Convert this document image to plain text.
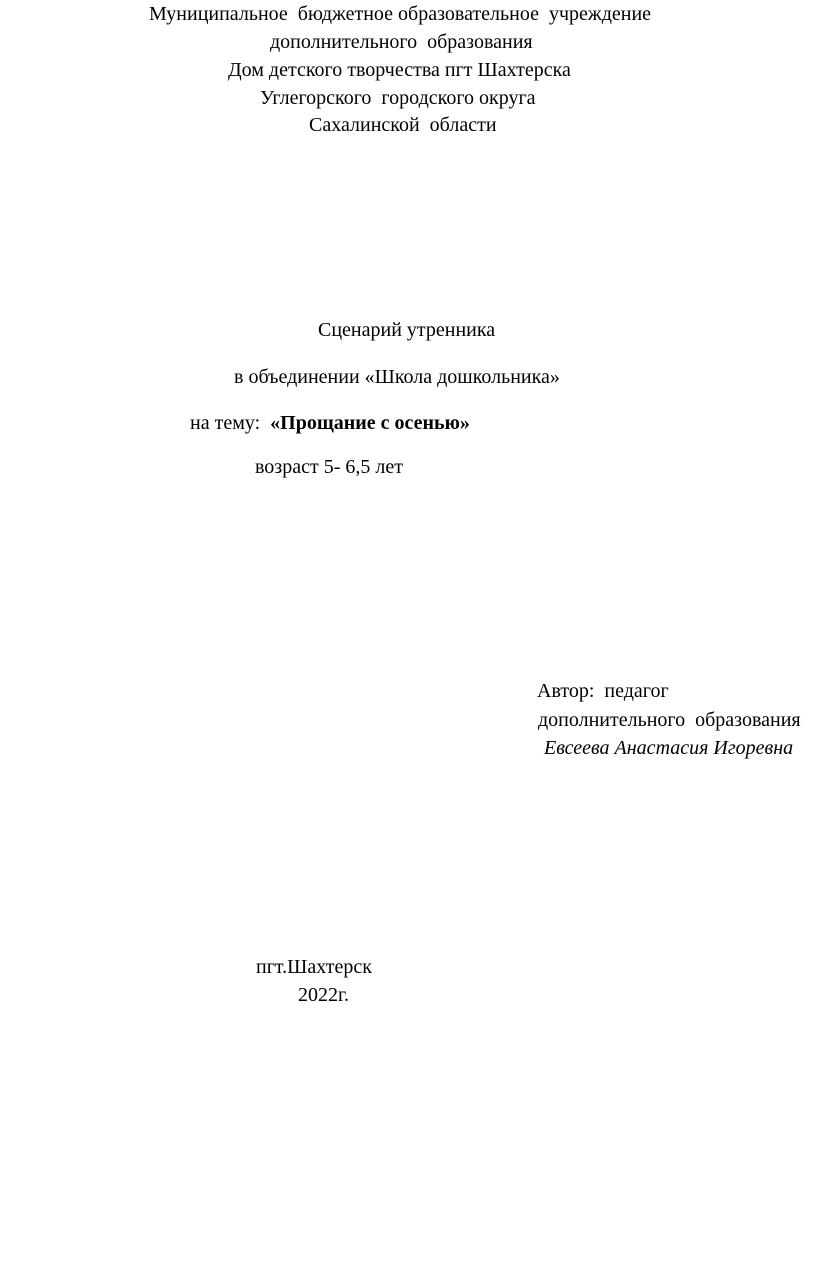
Муниципальное  бюджетное образовательное  учреждение
дополнительного  образования
Дом детского творчества пгт Шахтерска
Углегорского  городского округа
Сахалинской  области
Сценарий утренника
в объединении «Школа дошкольника»
на тему:  «Прощание с осенью»
возраст 5- 6,5 лет
Автор:  педагог
дополнительного  образования
Евсеева Анастасия Игоревна
пгт.Шахтерск
2022г.
